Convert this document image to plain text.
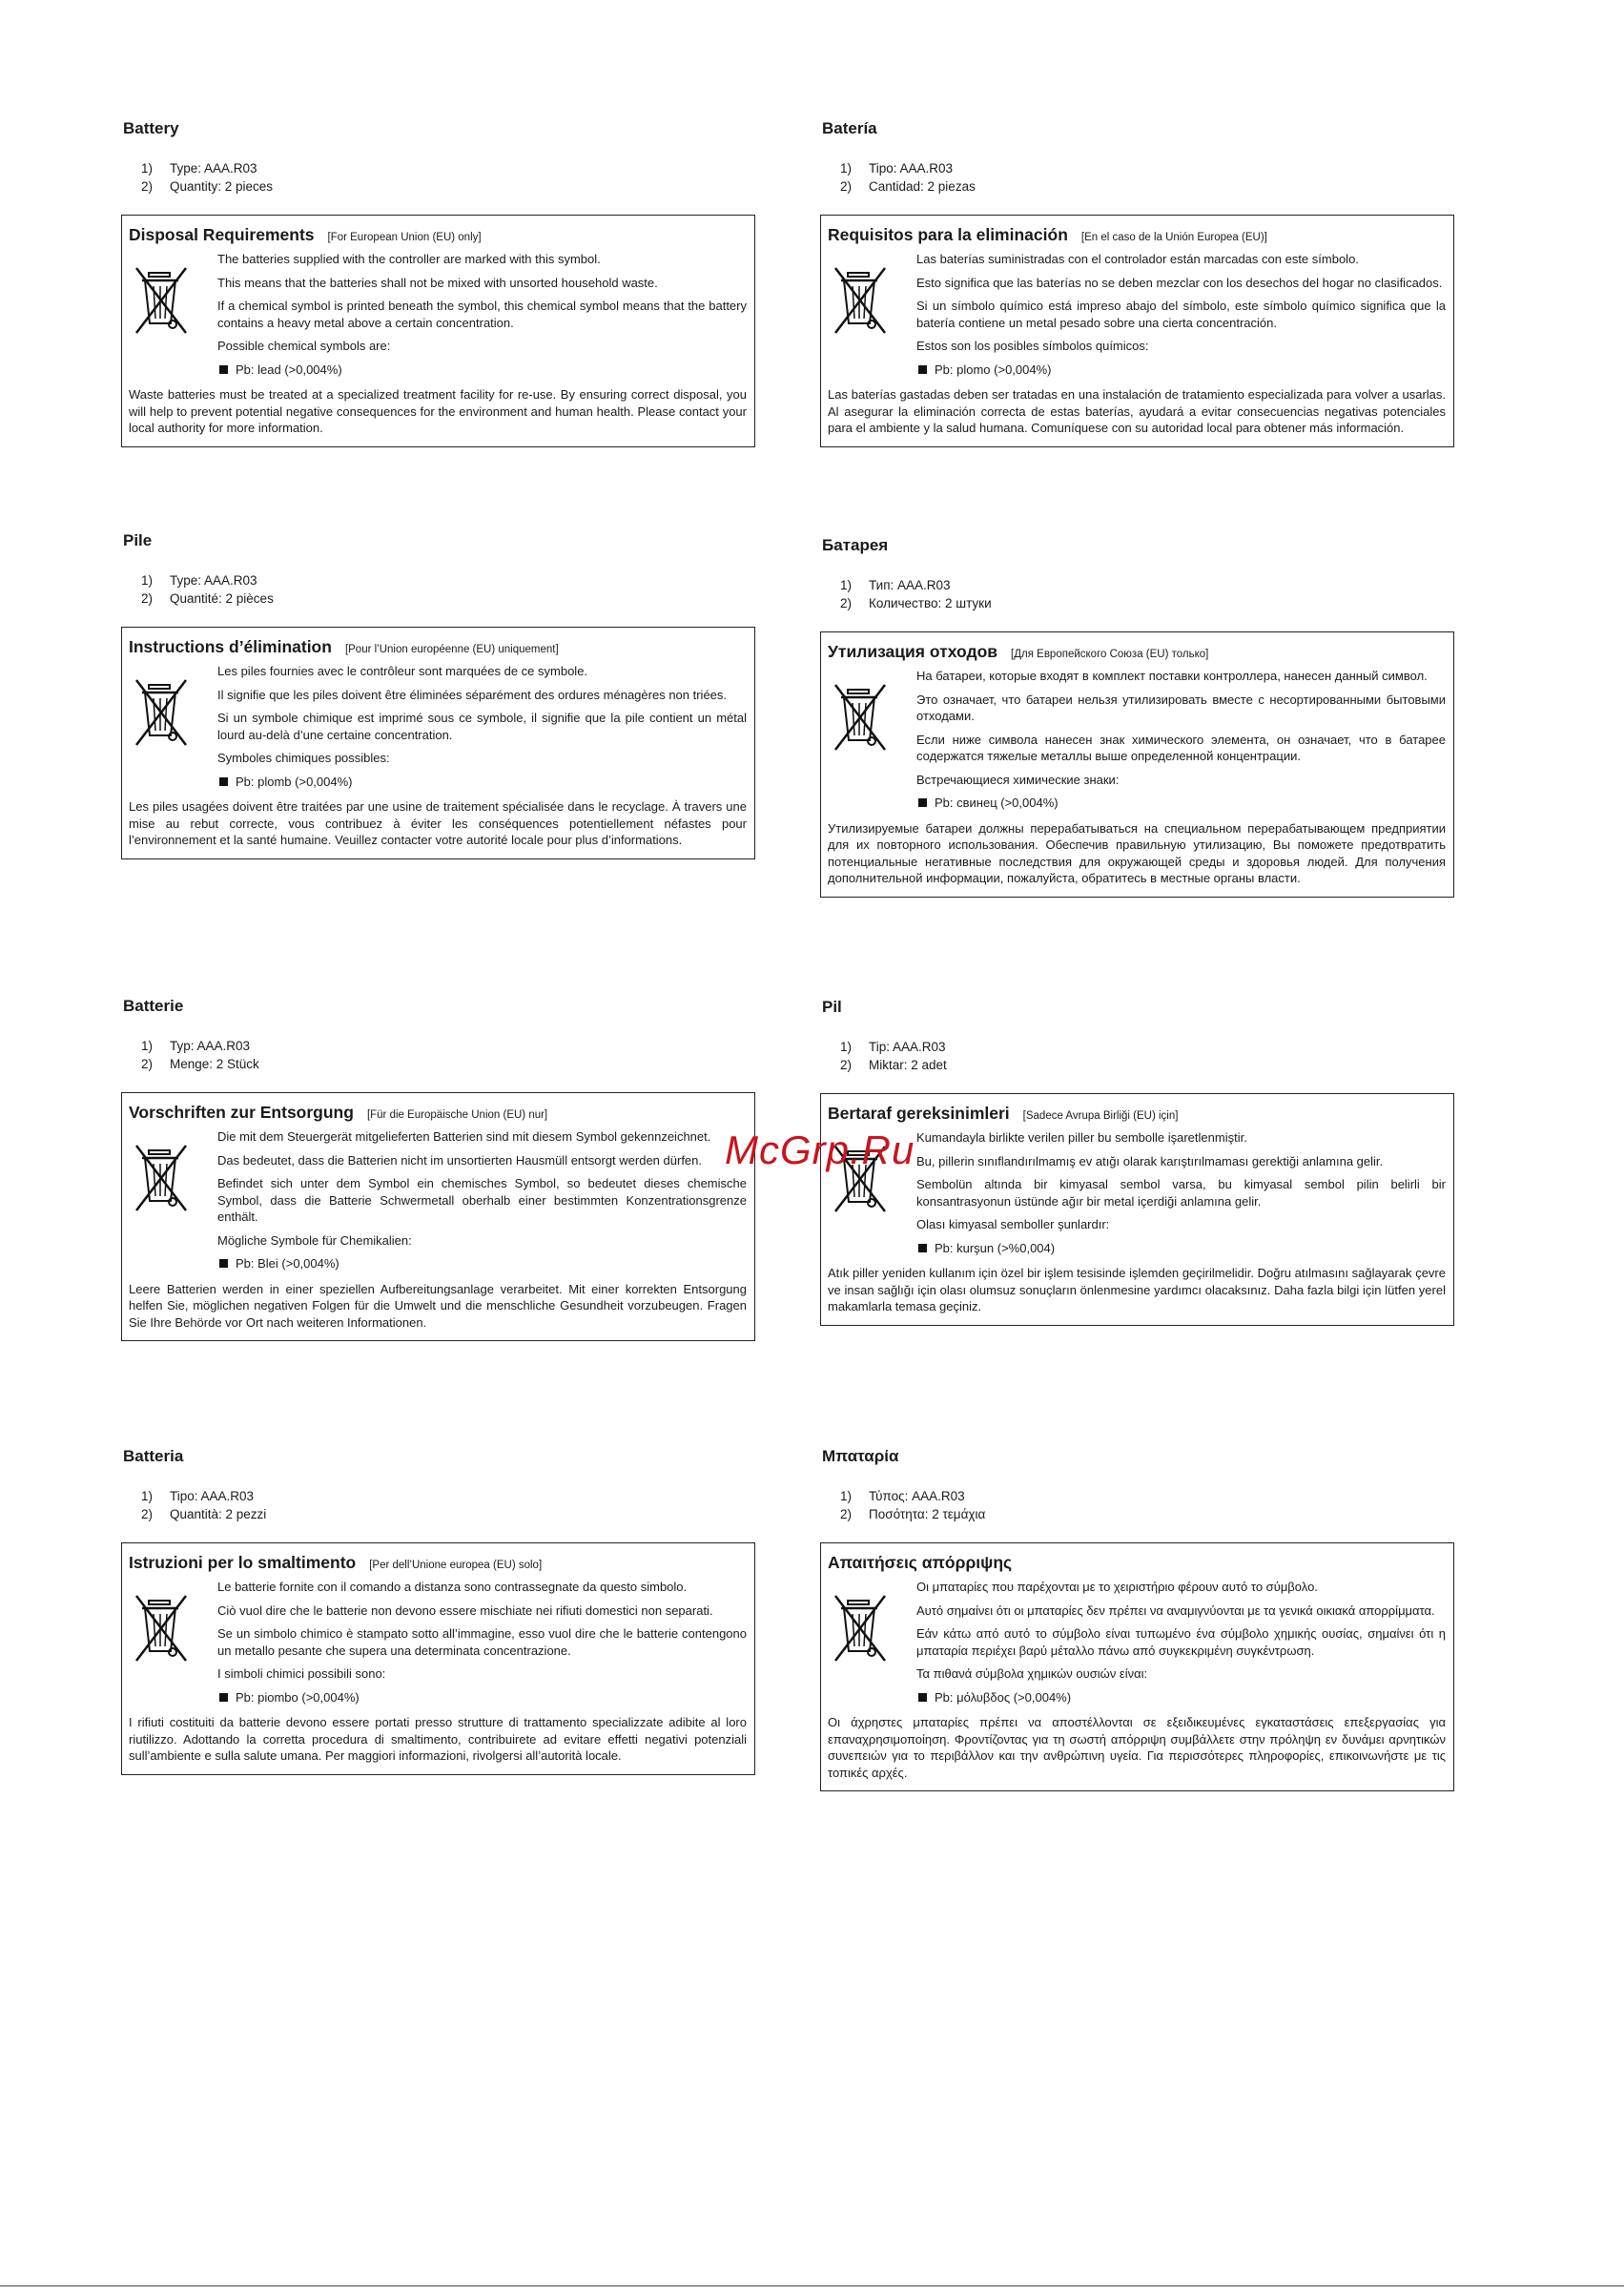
Battery
1)	Type: AAA.R03
2)	Quantity: 2 pieces
Disposal Requirements [For European Union (EU) only]

The batteries supplied with the controller are marked with this symbol.

This means that the batteries shall not be mixed with unsorted household waste.

If a chemical symbol is printed beneath the symbol, this chemical symbol means that the battery contains a heavy metal above a certain concentration.

Possible chemical symbols are:

Pb: lead (>0,004%)

Waste batteries must be treated at a specialized treatment facility for re-use. By ensuring correct disposal, you will help to prevent potential negative consequences for the environment and human health. Please contact your local authority for more information.

Batería
1)	Tipo: AAA.R03
2)	Cantidad: 2 piezas
Requisitos para la eliminación [En el caso de la Unión Europea (EU)]

Las baterías suministradas con el controlador están marcadas con este símbolo.

Esto significa que las baterías no se deben mezclar con los desechos del hogar no clasificados.

Si un símbolo químico está impreso abajo del símbolo, este símbolo químico significa que la batería contiene un metal pesado sobre una cierta concentración.

Estos son los posibles símbolos químicos:

Pb: plomo (>0,004%)

Las baterías gastadas deben ser tratadas en una instalación de tratamiento especializada para volver a usarlas. Al asegurar la eliminación correcta de estas baterías, ayudará a evitar consecuencias negativas potenciales para el ambiente y la salud humana. Comuníquese con su autoridad local para obtener más información.

Pile
1)	Type: AAA.R03
2)	Quantité: 2 pièces
Instructions d’élimination [Pour l’Union européenne (EU) uniquement]

Les piles fournies avec le contrôleur sont marquées de ce symbole.

Il signifie que les piles doivent être éliminées séparément des ordures ménagères non triées.

Si un symbole chimique est imprimé sous ce symbole, il signifie que la pile contient un métal lourd au-delà d’une certaine concentration.

Symboles chimiques possibles:

Pb: plomb (>0,004%)

Les piles usagées doivent être traitées par une usine de traitement spécialisée dans le recyclage. À travers une mise au rebut correcte, vous contribuez à éviter les conséquences potentiellement néfastes pour l’environnement et la santé humaine. Veuillez contacter votre autorité locale pour plus d’informations.

Батарея
1)	Тип: AAA.R03
2)	Количество: 2 штуки
Утилизация отходов [Для Европейского Союза (EU) только]

На батареи, которые входят в комплект поставки контроллера, нанесен данный символ.

Это означает, что батареи нельзя утилизировать вместе с несортированными бытовыми отходами.

Если ниже символа нанесен знак химического элемента, он означает, что в батарее содержатся тяжелые металлы выше определенной концентрации.

Встречающиеся химические знаки:

Pb: свинец (>0,004%)

Утилизируемые батареи должны перерабатываться на специальном перерабатывающем предприятии для их повторного использования. Обеспечив правильную утилизацию, Вы поможете предотвратить потенциальные негативные последствия для окружающей среды и здоровья людей. Для получения дополнительной информации, пожалуйста, обратитесь в местные органы власти.

Batterie
1)	Typ: AAA.R03
2)	Menge: 2 Stück
Vorschriften zur Entsorgung [Für die Europäische Union (EU) nur]

Die mit dem Steuergerät mitgelieferten Batterien sind mit diesem Symbol gekennzeichnet.

Das bedeutet, dass die Batterien nicht im unsortierten Hausmüll entsorgt werden dürfen.

Befindet sich unter dem Symbol ein chemisches Symbol, so bedeutet dieses chemische Symbol, dass die Batterie Schwermetall oberhalb einer bestimmten Konzentrationsgrenze enthält.

Mögliche Symbole für Chemikalien:

Pb: Blei (>0,004%)

Leere Batterien werden in einer speziellen Aufbereitungsanlage verarbeitet. Mit einer korrekten Entsorgung helfen Sie, möglichen negativen Folgen für die Umwelt und die menschliche Gesundheit vorzubeugen. Fragen Sie Ihre Behörde vor Ort nach weiteren Informationen.

Pil
1)	Tip: AAA.R03
2)	Miktar: 2 adet
Bertaraf gereksinimleri [Sadece Avrupa Birliği (EU) için]

Kumandayla birlikte verilen piller bu sembolle işaretlenmiştir.

Bu, pillerin sınıflandırılmamış ev atığı olarak karıştırılmaması gerektiği anlamına gelir.

Sembolün altında bir kimyasal sembol varsa, bu kimyasal sembol pilin belirli bir konsantrasyonun üstünde ağır bir metal içerdiği anlamına gelir.

Olası kimyasal semboller şunlardır:

Pb: kurşun (>%0,004)

Atık piller yeniden kullanım için özel bir işlem tesisinde işlemden geçirilmelidir. Doğru atılmasını sağlayarak çevre ve insan sağlığı için olası olumsuz sonuçların önlenmesine yardımcı olacaksınız. Daha fazla bilgi için lütfen yerel makamlarla temasa geçiniz.

Batteria
1)	Tipo: AAA.R03
2)	Quantità: 2 pezzi
Istruzioni per lo smaltimento [Per dell’Unione europea (EU) solo]

Le batterie fornite con il comando a distanza sono contrassegnate da questo simbolo.

Ciò vuol dire che le batterie non devono essere mischiate nei rifiuti domestici non separati.

Se un simbolo chimico è stampato sotto all’immagine, esso vuol dire che le batterie contengono un metallo pesante che supera una determinata concentrazione.

I simboli chimici possibili sono:

Pb: piombo (>0,004%)

I rifiuti costituiti da batterie devono essere portati presso strutture di trattamento specializzate adibite al loro riutilizzo. Adottando la corretta procedura di smaltimento, contribuirete ad evitare effetti negativi potenziali sull’ambiente e sulla salute umana. Per maggiori informazioni, rivolgersi all’autorità locale.

Μπαταρία
1)	Τύπος: AAA.R03
2)	Ποσότητα: 2 τεμάχια
Απαιτήσεις απόρριψης

Οι μπαταρίες που παρέχονται με το χειριστήριο φέρουν αυτό το σύμβολο.

Αυτό σημαίνει ότι οι μπαταρίες δεν πρέπει να αναμιγνύονται με τα γενικά οικιακά απορρίμματα.

Εάν κάτω από αυτό το σύμβολο είναι τυπωμένο ένα σύμβολο χημικής ουσίας, σημαίνει ότι η μπαταρία περιέχει βαρύ μέταλλο πάνω από συγκεκριμένη συγκέντρωση.

Τα πιθανά σύμβολα χημικών ουσιών είναι:

Pb: μόλυβδος (>0,004%)

Οι άχρηστες μπαταρίες πρέπει να αποστέλλονται σε εξειδικευμένες εγκαταστάσεις επεξεργασίας για επαναχρησιμοποίηση. Φροντίζοντας για τη σωστή απόρριψη συμβάλλετε στην πρόληψη εν δυνάμει αρνητικών συνεπειών για το περιβάλλον και την ανθρώπινη υγεία. Για περισσότερες πληροφορίες, επικοινωνήστε με τις τοπικές αρχές.

McGrp.Ru
